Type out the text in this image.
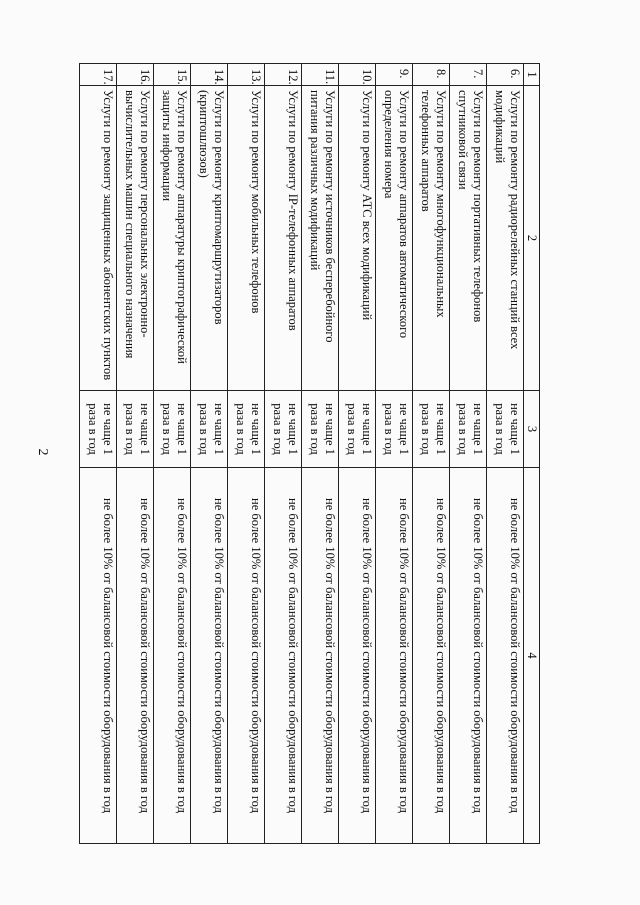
2
1	2	3	4
6.	Услуги по ремонту радиорелейных станций всех модификаций	не чаще 1 раза в год	не более 10% от балансовой стоимости оборудования в год
7.	Услуги по ремонту портативных телефонов спутниковой связи	не чаще 1 раза в год	не более 10% от балансовой стоимости оборудования в год
8.	Услуги по ремонту многофункциональных телефонных аппаратов	не чаще 1 раза в год	не более 10% от балансовой стоимости оборудования в год
9.	Услуги по ремонту аппаратов автоматического определения номера	не чаще 1 раза в год	не более 10% от балансовой стоимости оборудования в год
10.	Услуги по ремонту АТС всех модификаций	не чаще 1 раза в год	не более 10% от балансовой стоимости оборудования в год
11.	Услуги по ремонту источников бесперебойного питания различных модификаций	не чаще 1 раза в год	не более 10% от балансовой стоимости оборудования в год
12.	Услуги по ремонту IP-телефонных аппаратов	не чаще 1 раза в год	не более 10% от балансовой стоимости оборудования в год
13.	Услуги по ремонту мобильных телефонов	не чаще 1 раза в год	не более 10% от балансовой стоимости оборудования в год
14.	Услуги по ремонту криптомаршрутизаторов (криптошлюзов)	не чаще 1 раза в год	не более 10% от балансовой стоимости оборудования в год
15.	Услуги по ремонту аппаратуры криптографической защиты информации	не чаще 1 раза в год	не более 10% от балансовой стоимости оборудования в год
16.	Услуги по ремонту персональных электронно-вычислительных машин специального назначения	не чаще 1 раза в год	не более 10% от балансовой стоимости оборудования в год
17.	Услуги по ремонту защищенных абонентских пунктов	не чаще 1 раза в год	не более 10% от балансовой стоимости оборудования в год
